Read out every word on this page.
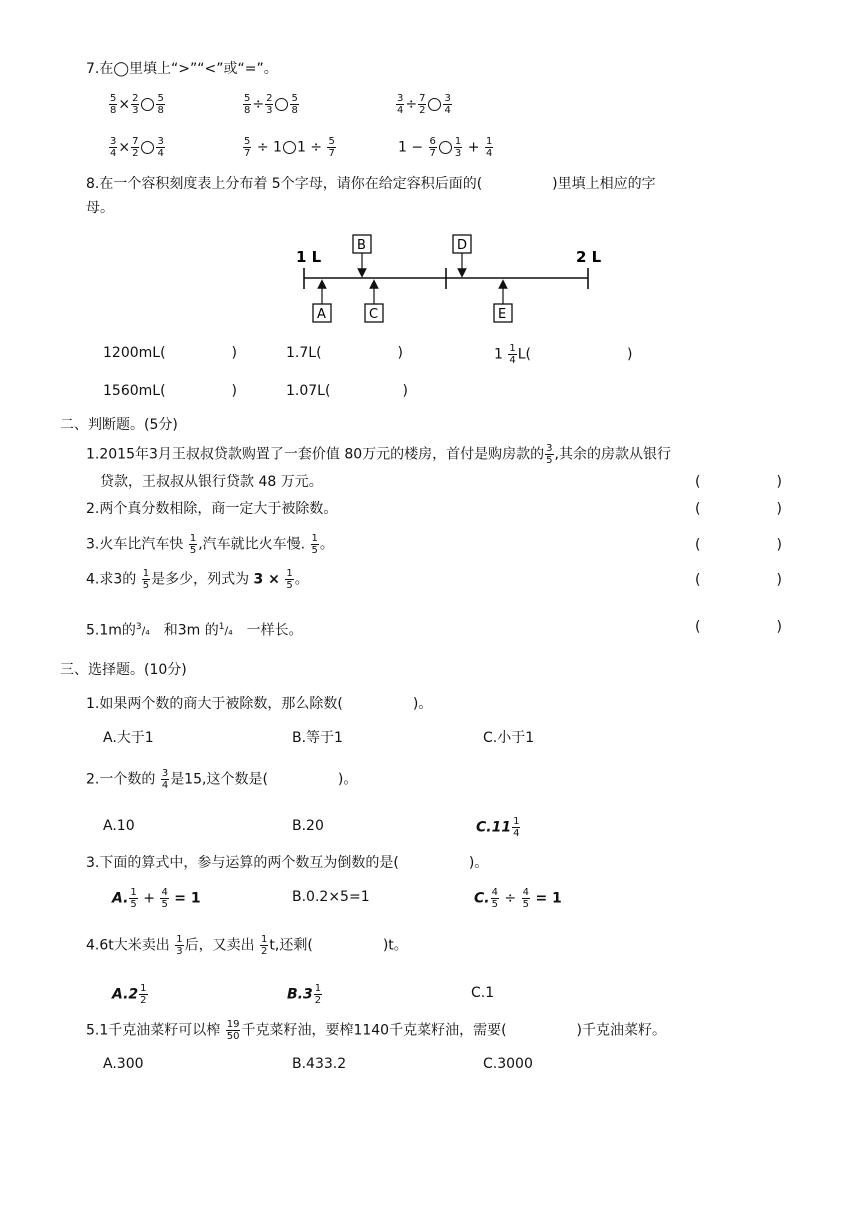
7.在◯里填上“>”“<”或“=”。
$\frac{5}{8} \times \frac{2}{3} \frac{5}{8}$	$\frac{5}{8} \div \frac{2}{3} \frac{5}{8}$	$\frac{3}{4} \div \frac{7}{2} \frac{3}{4}$
$\frac{3}{4} \times \frac{7}{2} \frac{3}{4}$	$\frac{5}{7} \div 1$ $1 \div \frac{5}{7}$	$1 - \frac{6}{7} \frac{1}{3} + \frac{1}{4}$
8.在一个容积刻度表上分布着 5个字母，请你在给定容积后面的(　　　　　)里填上相应的字
母。
1 L	2 L
B	D
A	C	E
1200mL(	)	1.7L(	)	$1 \frac{1}{4} L$(	)
1560mL(	)	1.07L(	)
二、判断题。(5分)
1.2015年3月王叔叔贷款购置了一套价值 80万元的楼房，首付是购房款的 $\frac{3}{5}$ ,其余的房款从银行
贷款，王叔叔从银行贷款 48 万元。	(	)
2.两个真分数相除，商一定大于被除数。	(	)
3.火车比汽车快 $\frac{1}{5}$ ,汽车就比火车慢. $\frac{1}{5}$ 。	(	)
4.求3的 $\frac{1}{5}$ 是多少，列式为 $3 \times \frac{1}{5}$ 。	(	)
5.1m的$^3$/₄　 和3m 的$^1$/₄　 一样长。	(	)
三、选择题。(10分)
1.如果两个数的商大于被除数，那么除数(　　　　　)。
A.大于1	B.等于1	C.小于1
2.一个数的 $\frac{3}{4}$ 是15,这个数是(　　　　　)。
A.10	B.20	$C.11 \frac{1}{4}$
3.下面的算式中，参与运算的两个数互为倒数的是(　　　　　)。
A. $\frac{1}{5} + \frac{4}{5} = 1$	B.0.2×5=1	C. $\frac{4}{5} \div \frac{4}{5} = 1$
4.6t大米卖出 $\frac{1}{3}$ 后，又卖出 $\frac{1}{2} t$,还剩(　　　　　)t。
$A.2 \frac{1}{2}$	$B.3 \frac{1}{2}$	C.1
5.1千克油菜籽可以榨 $\frac{19}{50}$ 千克菜籽油，要榨1140千克菜籽油，需要(　　　　　)千克油菜籽。
A.300	B.433.2	C.3000
